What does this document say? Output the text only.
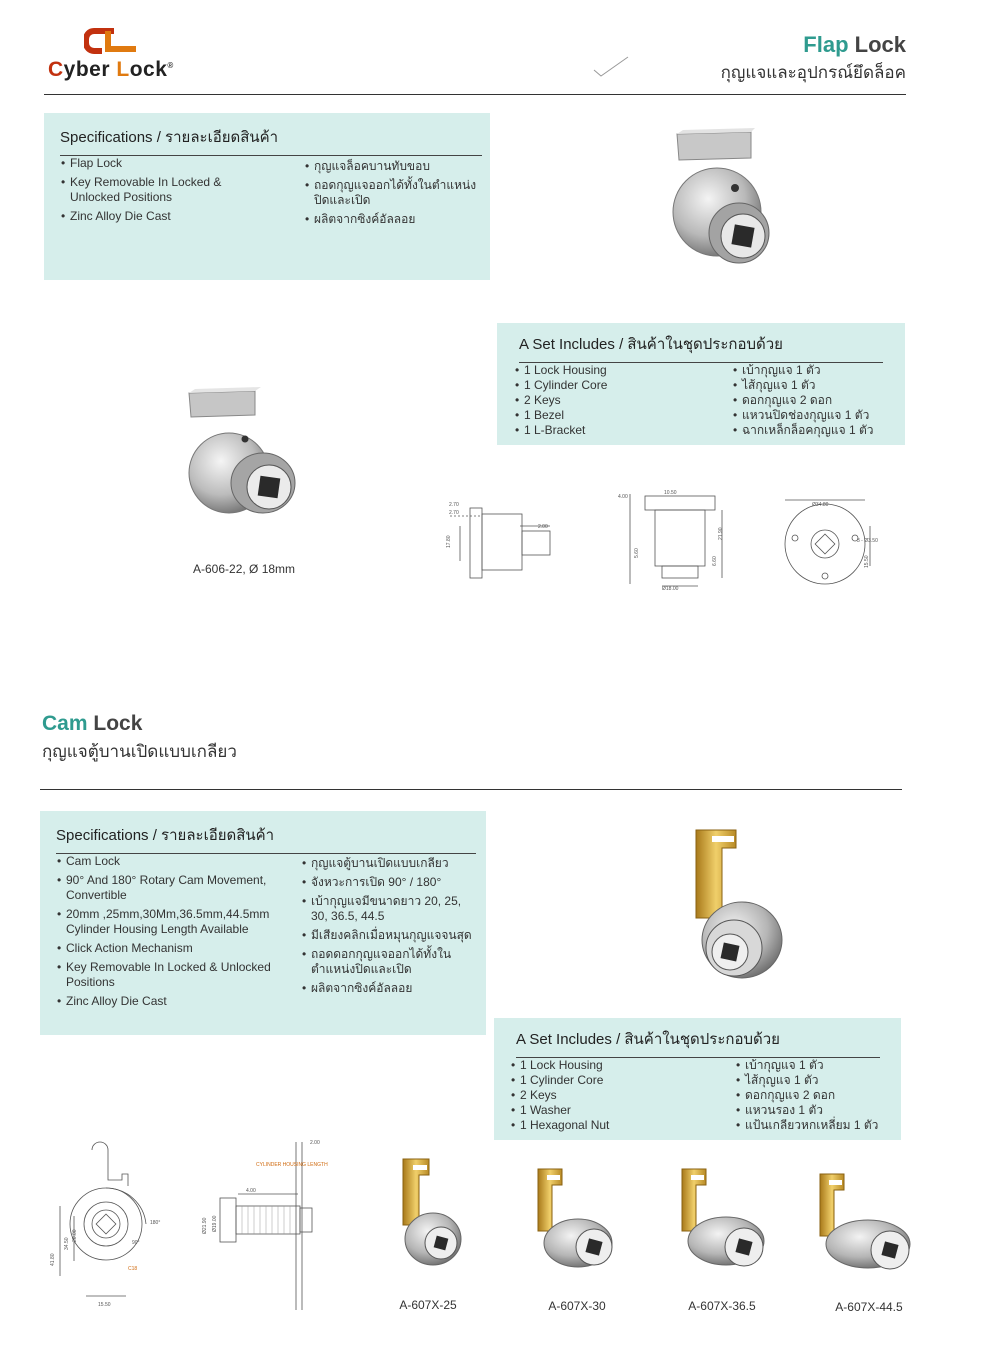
Cyber Lock®
Flap Lock
กุญแจและอุปกรณ์ยึดล็อค
Specifications / รายละเอียดสินค้า
• Flap Lock
• Key Removable In Locked & Unlocked Positions
• Zinc Alloy Die Cast
• กุญแจล็อคบานทับขอบ
• ถอดกุญแจออกได้ทั้งในตำแหน่งปิดและเปิด
• ผลิตจากซิงค์อัลลอย
A Set Includes / สินค้าในชุดประกอบด้วย
• 1 Lock Housing
• 1 Cylinder Core
• 2 Keys
• 1 Bezel
• 1 L-Bracket
• เบ้ากุญแจ 1 ตัว
• ไส้กุญแจ 1 ตัว
• ดอกกุญแจ 2 ดอก
• แหวนปิดช่องกุญแจ 1 ตัว
• ฉากเหล็กล็อคกุญแจ 1 ตัว
A-606-22, Ø 18mm
2.70
2.70
17.80
2.00
10.50
4.00
21.90
5.60
6.60
Ø18.00
Ø34.80
3 - Ø3.50
15.50
Cam Lock
กุญแจตู้บานเปิดแบบเกลียว
Specifications / รายละเอียดสินค้า
• Cam Lock
• 90° And 180° Rotary Cam Movement, Convertible
• 20mm ,25mm,30Mm,36.5mm,44.5mm Cylinder Housing Length Available
• Click Action Mechanism
• Key Removable In Locked & Unlocked Positions
• Zinc Alloy Die Cast
• กุญแจตู้บานเปิดแบบเกลียว
• จังหวะการเปิด 90° / 180°
• เบ้ากุญแจมีขนาดยาว 20, 25, 30, 36.5, 44.5
• มีเสียงคลิกเมื่อหมุนกุญแจจนสุด
• ถอดดอกกุญแจออกได้ทั้งในตำแหน่งปิดและเปิด
• ผลิตจากซิงค์อัลลอย
A Set Includes / สินค้าในชุดประกอบด้วย
• 1 Lock Housing
• 1 Cylinder Core
• 2 Keys
• 1 Washer
• 1 Hexagonal Nut
• เบ้ากุญแจ 1 ตัว
• ไส้กุญแจ 1 ตัว
• ดอกกุญแจ 2 ดอก
• แหวนรอง 1 ตัว
• แป้นเกลียวหกเหลี่ยม 1 ตัว
2.00
CYLINDER HOUSING LENGTH
4.00
180°
90°
41.80
34.50
20.00
Ø21.90 Ø19.00
C18
15.50	A-607X-25	A-607X-30	A-607X-36.5	A-607X-44.5
